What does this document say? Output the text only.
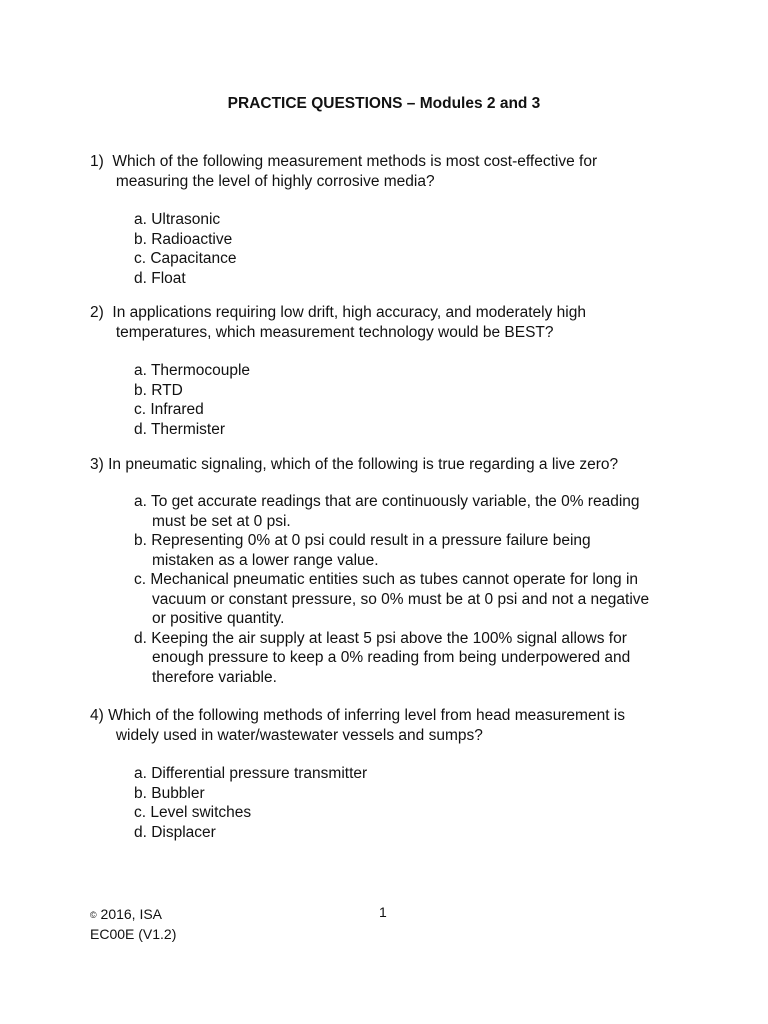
PRACTICE QUESTIONS – Modules 2 and 3
1)  Which of the following measurement methods is most cost-effective for
measuring the level of highly corrosive media?
a. Ultrasonic
b. Radioactive
c. Capacitance
d. Float
2)  In applications requiring low drift, high accuracy, and moderately high
temperatures, which measurement technology would be BEST?
a. Thermocouple
b. RTD
c. Infrared
d. Thermister
3) In pneumatic signaling, which of the following is true regarding a live zero?
a. To get accurate readings that are continuously variable, the 0% reading
must be set at 0 psi.
b. Representing 0% at 0 psi could result in a pressure failure being
mistaken as a lower range value.
c. Mechanical pneumatic entities such as tubes cannot operate for long in
vacuum or constant pressure, so 0% must be at 0 psi and not a negative
or positive quantity.
d. Keeping the air supply at least 5 psi above the 100% signal allows for
enough pressure to keep a 0% reading from being underpowered and
therefore variable.
4) Which of the following methods of inferring level from head measurement is
widely used in water/wastewater vessels and sumps?
a. Differential pressure transmitter
b. Bubbler
c. Level switches
d. Displacer
© 2016, ISA
EC00E (V1.2)
1
